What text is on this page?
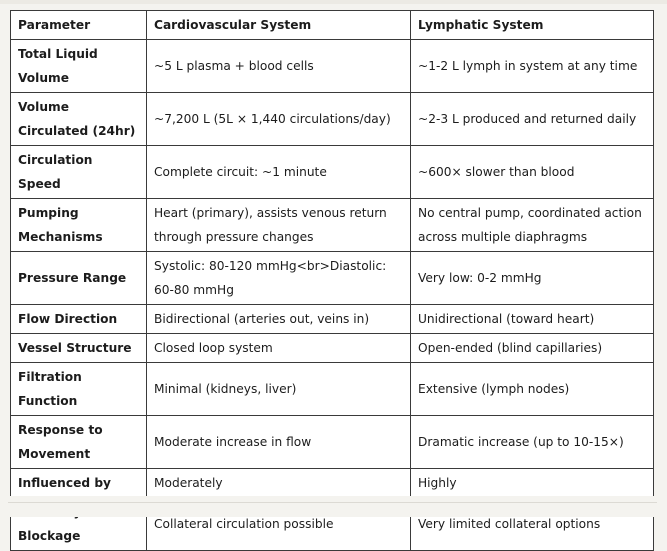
Parameter	Cardiovascular System	Lymphatic System
Total Liquid Volume	~5 L plasma + blood cells	~1-2 L lymph in system at any time
Volume Circulated (24hr)	~7,200 L (5L × 1,440 circulations/day)	~2-3 L produced and returned daily
Circulation Speed	Complete circuit: ~1 minute	~600× slower than blood
Pumping Mechanisms	Heart (primary), assists venous return through pressure changes	No central pump, coordinated action across multiple diaphragms
Pressure Range	Systolic: 80-120 mmHg<br>Diastolic: 60-80 mmHg	Very low: 0-2 mmHg
Flow Direction	Bidirectional (arteries out, veins in)	Unidirectional (toward heart)
Vessel Structure	Closed loop system	Open-ended (blind capillaries)
Filtration Function	Minimal (kidneys, liver)	Extensive (lymph nodes)
Response to Movement	Moderate increase in flow	Dramatic increase (up to 10-15×)
Influenced by	Moderately	Highly
Blockage	Collateral circulation possible	Very limited collateral options
